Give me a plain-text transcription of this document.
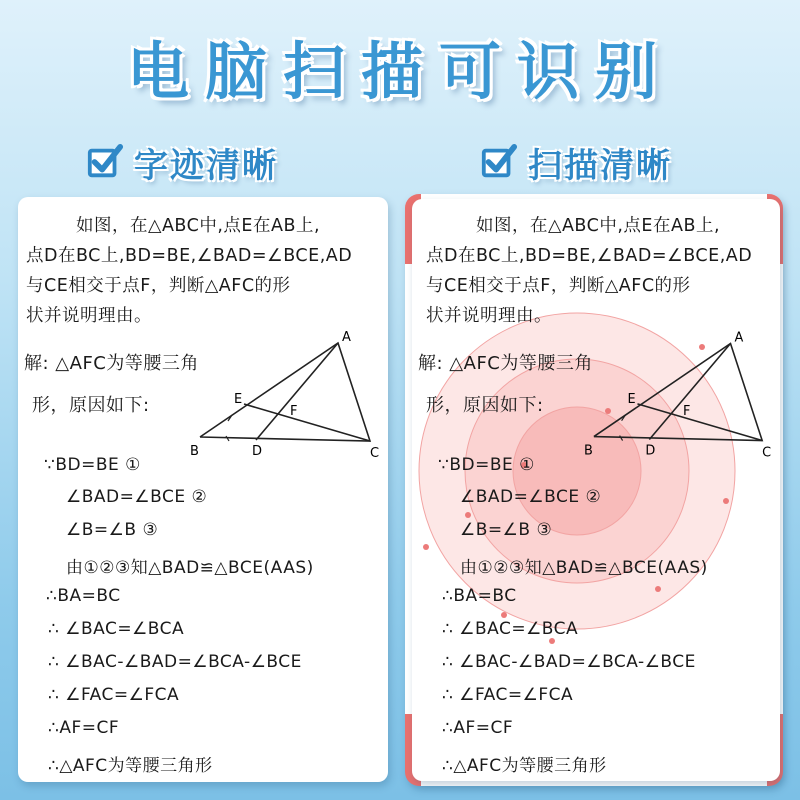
电脑扫描可识别
字迹清晰	扫描清晰
如图，在△ABC中,点E在AB上,
点D在BC上,BD=BE,∠BAD=∠BCE,AD
与CE相交于点F，判断△AFC的形
状并说明理由。
解: △AFC为等腰三角
形，原因如下:
A
B	C
D
E
F
∵BD=BE ①
∠BAD=∠BCE ②
∠B=∠B ③
由①②③知△BAD≌△BCE(AAS)
∴BA=BC
∴ ∠BAC=∠BCA
∴ ∠BAC-∠BAD=∠BCA-∠BCE
∴ ∠FAC=∠FCA
∴AF=CF
∴△AFC为等腰三角形
如图，在△ABC中,点E在AB上,
点D在BC上,BD=BE,∠BAD=∠BCE,AD
与CE相交于点F，判断△AFC的形
状并说明理由。
解: △AFC为等腰三角
形，原因如下:
A
B	C
D
E
F
∵BD=BE ①
∠BAD=∠BCE ②
∠B=∠B ③
由①②③知△BAD≌△BCE(AAS)
∴BA=BC
∴ ∠BAC=∠BCA
∴ ∠BAC-∠BAD=∠BCA-∠BCE
∴ ∠FAC=∠FCA
∴AF=CF
∴△AFC为等腰三角形
